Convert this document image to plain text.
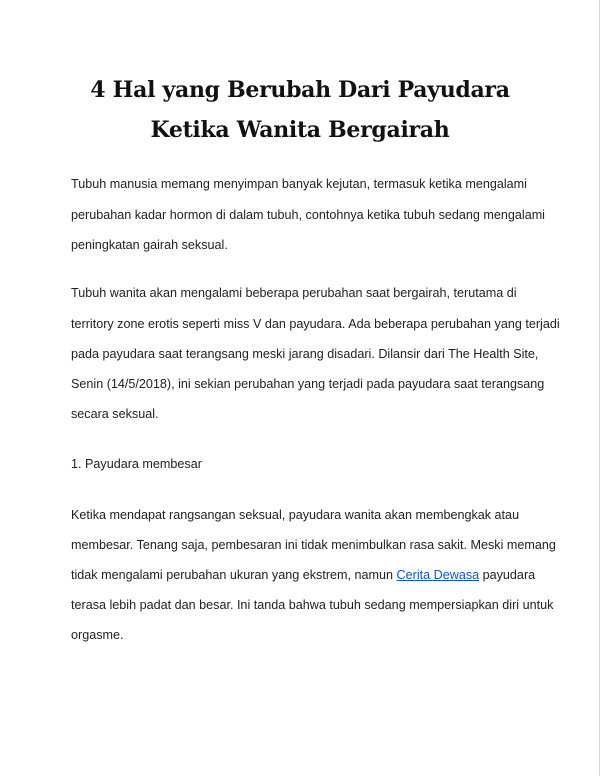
4 Hal yang Berubah Dari Payudara
Ketika Wanita Bergairah
Tubuh manusia memang menyimpan banyak kejutan, termasuk ketika mengalami
perubahan kadar hormon di dalam tubuh, contohnya ketika tubuh sedang mengalami
peningkatan gairah seksual.
Tubuh wanita akan mengalami beberapa perubahan saat bergairah, terutama di
territory zone erotis seperti miss V dan payudara. Ada beberapa perubahan yang terjadi
pada payudara saat terangsang meski jarang disadari. Dilansir dari The Health Site,
Senin (14/5/2018), ini sekian perubahan yang terjadi pada payudara saat terangsang
secara seksual.
1. Payudara membesar
Ketika mendapat rangsangan seksual, payudara wanita akan membengkak atau
membesar. Tenang saja, pembesaran ini tidak menimbulkan rasa sakit. Meski memang
tidak mengalami perubahan ukuran yang ekstrem, namun Cerita Dewasa payudara
terasa lebih padat dan besar. Ini tanda bahwa tubuh sedang mempersiapkan diri untuk
orgasme.
